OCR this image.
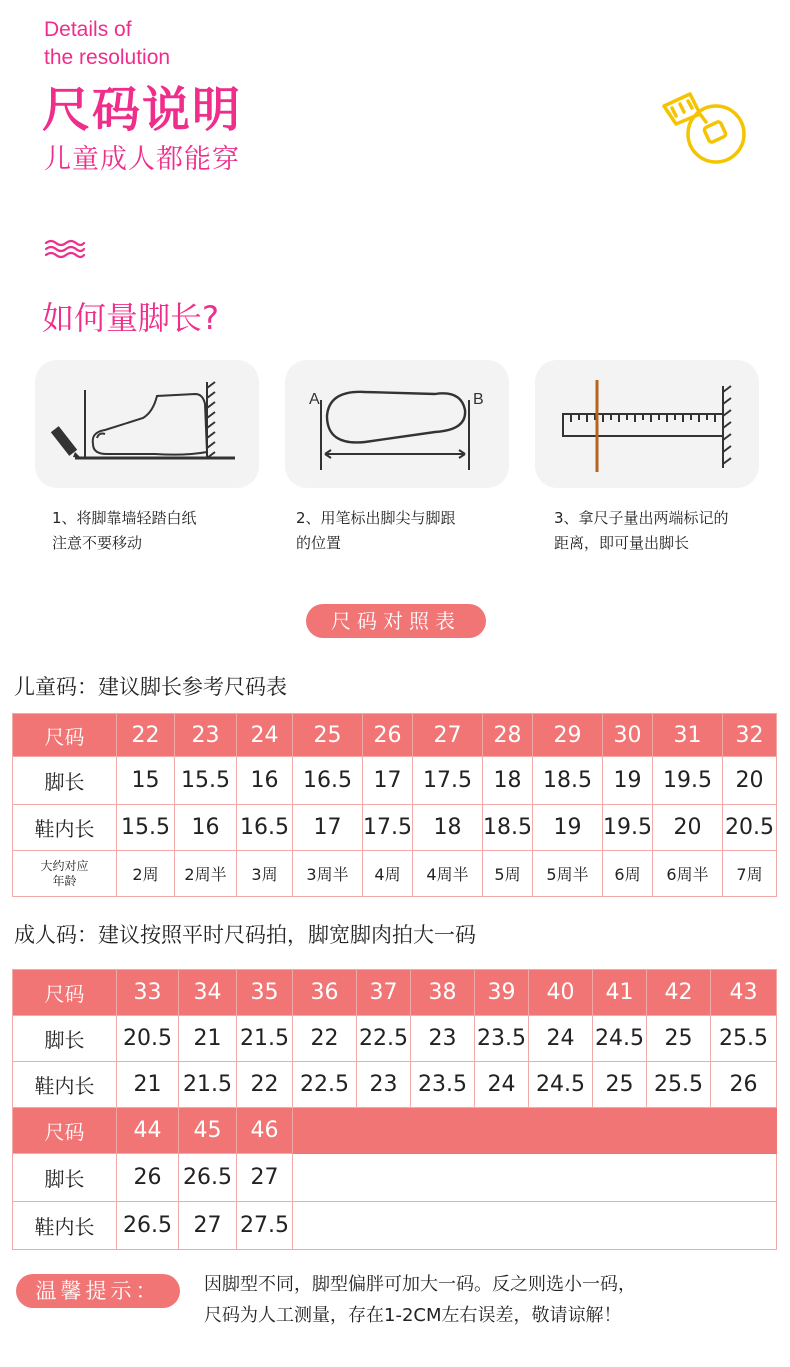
Details of
the resolution
尺码说明
儿童成人都能穿
如何量脚长?
A	B
1、将脚靠墙轻踏白纸
注意不要移动
2、用笔标出脚尖与脚跟
的位置
3、拿尺子量出两端标记的
距离，即可量出脚长
尺码对照表
儿童码：建议脚长参考尺码表
尺码	22	23	24	25	26	27	28	29	30	31	32
脚长	15	15.5	16	16.5	17	17.5	18	18.5	19	19.5	20
鞋内长	15.5	16	16.5	17	17.5	18	18.5	19	19.5	20	20.5

大约对应
年龄	2周	2周半	3周	3周半	4周	4周半	5周	5周半	6周	6周半	7周
成人码：建议按照平时尺码拍，脚宽脚肉拍大一码
尺码	33	34	35	36	37	38	39	40	41	42	43
脚长	20.5	21	21.5	22	22.5	23	23.5	24	24.5	25	25.5
鞋内长	21	21.5	22	22.5	23	23.5	24	24.5	25	25.5	26
尺码	44	45	46								
脚长	26	26.5	27								
鞋内长	26.5	27	27.5								
温馨提示：	因脚型不同，脚型偏胖可加大一码。反之则选小一码，
尺码为人工测量，存在1-2CM左右误差，敬请谅解！
